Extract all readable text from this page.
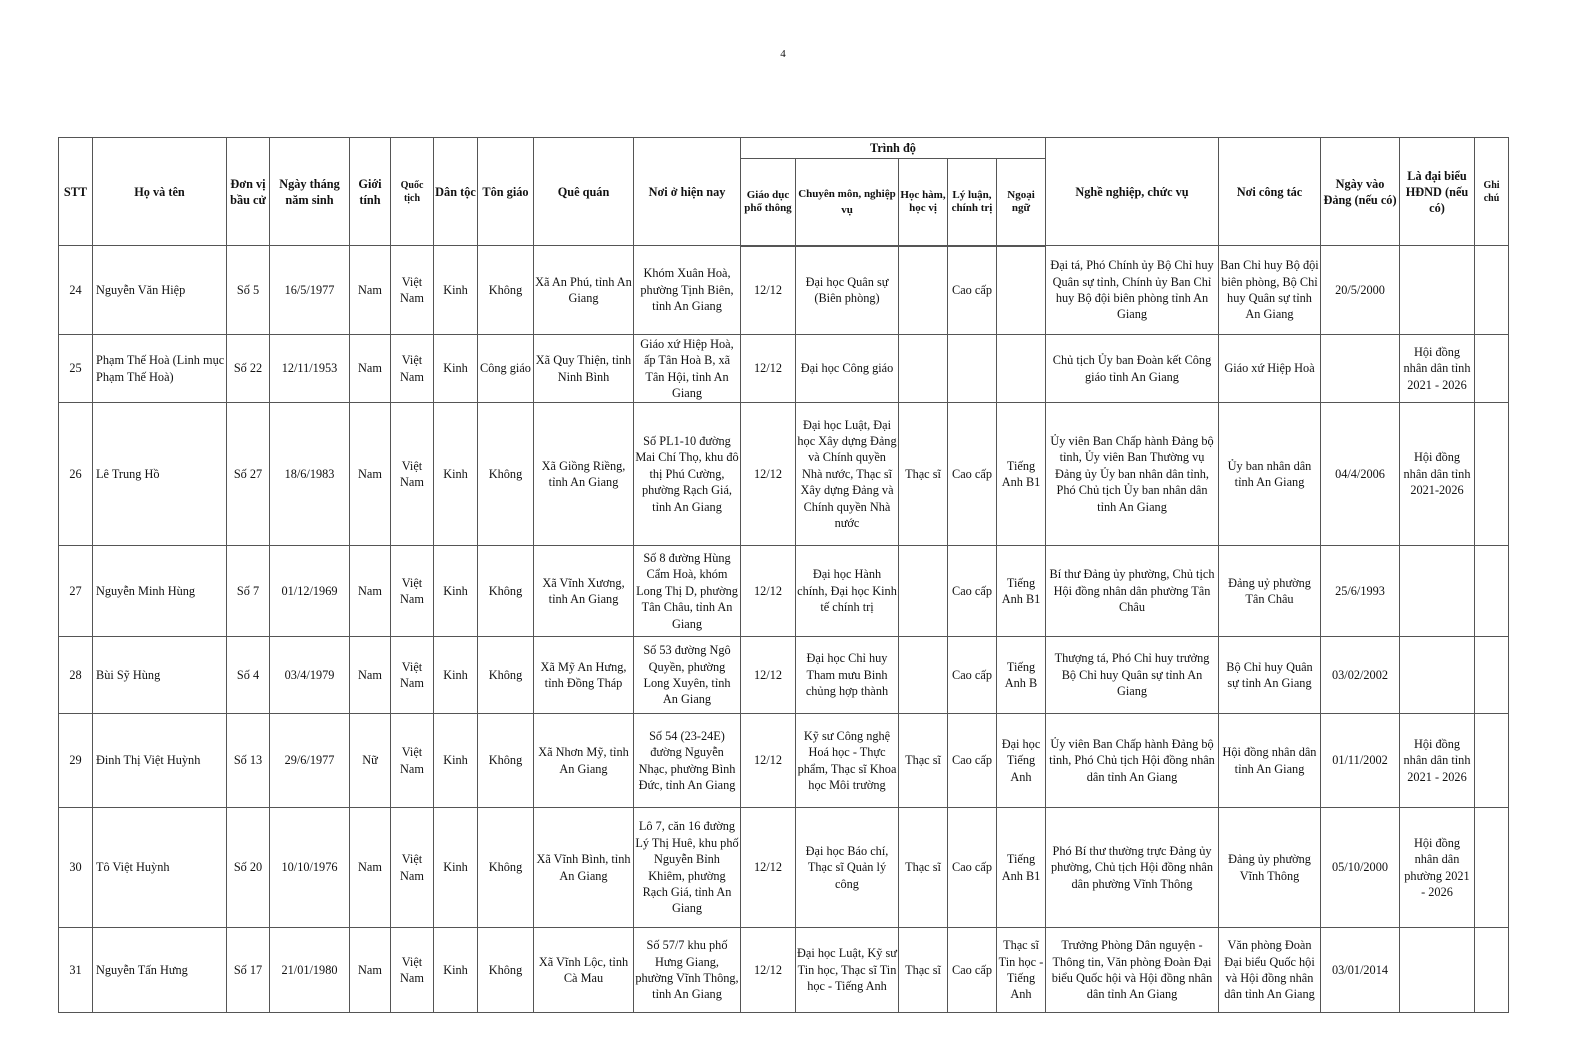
4
STT	Họ và tên	Đơn vị bầu cử	Ngày tháng năm sinh	Giới tính	Quốc tịch	Dân tộc	Tôn giáo	Quê quán	Nơi ở hiện nay	Trình độ					Nghề nghiệp, chức vụ	Nơi công tác	Ngày vào Đảng (nếu có)	Là đại biểu HĐND (nếu có)	Ghi chú
										Giáo dục phổ thông	Chuyên môn, nghiệp vụ	Học hàm, học vị	Lý luận, chính trị	Ngoại ngữ					
24	Nguyễn Văn Hiệp	Số 5	16/5/1977	Nam	Việt Nam	Kinh	Không	Xã An Phú, tỉnh An Giang	Khóm Xuân Hoà, phường Tịnh Biên, tỉnh An Giang	12/12	Đại học Quân sự (Biên phòng)		Cao cấp		Đại tá, Phó Chính ủy Bộ Chỉ huy Quân sự tỉnh, Chính ủy Ban Chỉ huy Bộ đội biên phòng tỉnh An Giang	Ban Chỉ huy Bộ đội biên phòng, Bộ Chỉ huy Quân sự tỉnh An Giang	20/5/2000		
25	Phạm Thế Hoà (Linh mục Phạm Thế Hoà)	Số 22	12/11/1953	Nam	Việt Nam	Kinh	Công giáo	Xã Quy Thiện, tỉnh Ninh Bình	Giáo xứ Hiệp Hoà, ấp Tân Hoà B, xã Tân Hội, tỉnh An Giang	12/12	Đại học Công giáo				Chủ tịch Ủy ban Đoàn kết Công giáo tỉnh An Giang	Giáo xứ Hiệp Hoà		Hội đồng nhân dân tỉnh 2021 - 2026	
26	Lê Trung Hồ	Số 27	18/6/1983	Nam	Việt Nam	Kinh	Không	Xã Giồng Riềng, tỉnh An Giang	Số PL1-10 đường Mai Chí Thọ, khu đô thị Phú Cường, phường Rạch Giá, tỉnh An Giang	12/12	Đại học Luật, Đại học Xây dựng Đảng và Chính quyền Nhà nước, Thạc sĩ Xây dựng Đảng và Chính quyền Nhà nước	Thạc sĩ	Cao cấp	Tiếng Anh B1	Ủy viên Ban Chấp hành Đảng bộ tỉnh, Ủy viên Ban Thường vụ Đảng ủy Ủy ban nhân dân tỉnh, Phó Chủ tịch Ủy ban nhân dân tỉnh An Giang	Ủy ban nhân dân tỉnh An Giang	04/4/2006	Hội đồng nhân dân tỉnh 2021-2026	
27	Nguyễn Minh Hùng	Số 7	01/12/1969	Nam	Việt Nam	Kinh	Không	Xã Vĩnh Xương, tỉnh An Giang	Số 8 đường Hùng Cẩm Hoà, khóm Long Thị D, phường Tân Châu, tỉnh An Giang	12/12	Đại học Hành chính, Đại học Kinh tế chính trị		Cao cấp	Tiếng Anh B1	Bí thư Đảng ủy phường, Chủ tịch Hội đồng nhân dân phường Tân Châu	Đảng uỷ phường Tân Châu	25/6/1993		
28	Bùi Sỹ Hùng	Số 4	03/4/1979	Nam	Việt Nam	Kinh	Không	Xã Mỹ An Hưng, tỉnh Đồng Tháp	Số 53 đường Ngô Quyền, phường Long Xuyên, tỉnh An Giang	12/12	Đại học Chỉ huy Tham mưu Binh chủng hợp thành		Cao cấp	Tiếng Anh B	Thượng tá, Phó Chỉ huy trưởng Bộ Chỉ huy Quân sự tỉnh An Giang	Bộ Chỉ huy Quân sự tỉnh An Giang	03/02/2002		
29	Đinh Thị Việt Huỳnh	Số 13	29/6/1977	Nữ	Việt Nam	Kinh	Không	Xã Nhơn Mỹ, tỉnh An Giang	Số 54 (23-24E) đường Nguyễn Nhạc, phường Bình Đức, tỉnh An Giang	12/12	Kỹ sư Công nghệ Hoá học - Thực phẩm, Thạc sĩ Khoa học Môi trường	Thạc sĩ	Cao cấp	Đại học Tiếng Anh	Ủy viên Ban Chấp hành Đảng bộ tỉnh, Phó Chủ tịch Hội đồng nhân dân tỉnh An Giang	Hội đồng nhân dân tỉnh An Giang	01/11/2002	Hội đồng nhân dân tỉnh 2021 - 2026	
30	Tô Việt Huỳnh	Số 20	10/10/1976	Nam	Việt Nam	Kinh	Không	Xã Vĩnh Bình, tỉnh An Giang	Lô 7, căn 16 đường Lý Thị Huê, khu phố Nguyễn Bỉnh Khiêm, phường Rạch Giá, tỉnh An Giang	12/12	Đại học Báo chí, Thạc sĩ Quản lý công	Thạc sĩ	Cao cấp	Tiếng Anh B1	Phó Bí thư thường trực Đảng ủy phường, Chủ tịch Hội đồng nhân dân phường Vĩnh Thông	Đảng ủy phường Vĩnh Thông	05/10/2000	Hội đồng nhân dân phường 2021 - 2026	
31	Nguyễn Tấn Hưng	Số 17	21/01/1980	Nam	Việt Nam	Kinh	Không	Xã Vĩnh Lộc, tỉnh Cà Mau	Số 57/7 khu phố Hưng Giang, phường Vĩnh Thông, tỉnh An Giang	12/12	Đại học Luật, Kỹ sư Tin học, Thạc sĩ Tin học - Tiếng Anh	Thạc sĩ	Cao cấp	Thạc sĩ Tin học - Tiếng Anh	Trưởng Phòng Dân nguyện - Thông tin, Văn phòng Đoàn Đại biểu Quốc hội và Hội đồng nhân dân tỉnh An Giang	Văn phòng Đoàn Đại biểu Quốc hội và Hội đồng nhân dân tỉnh An Giang	03/01/2014		
